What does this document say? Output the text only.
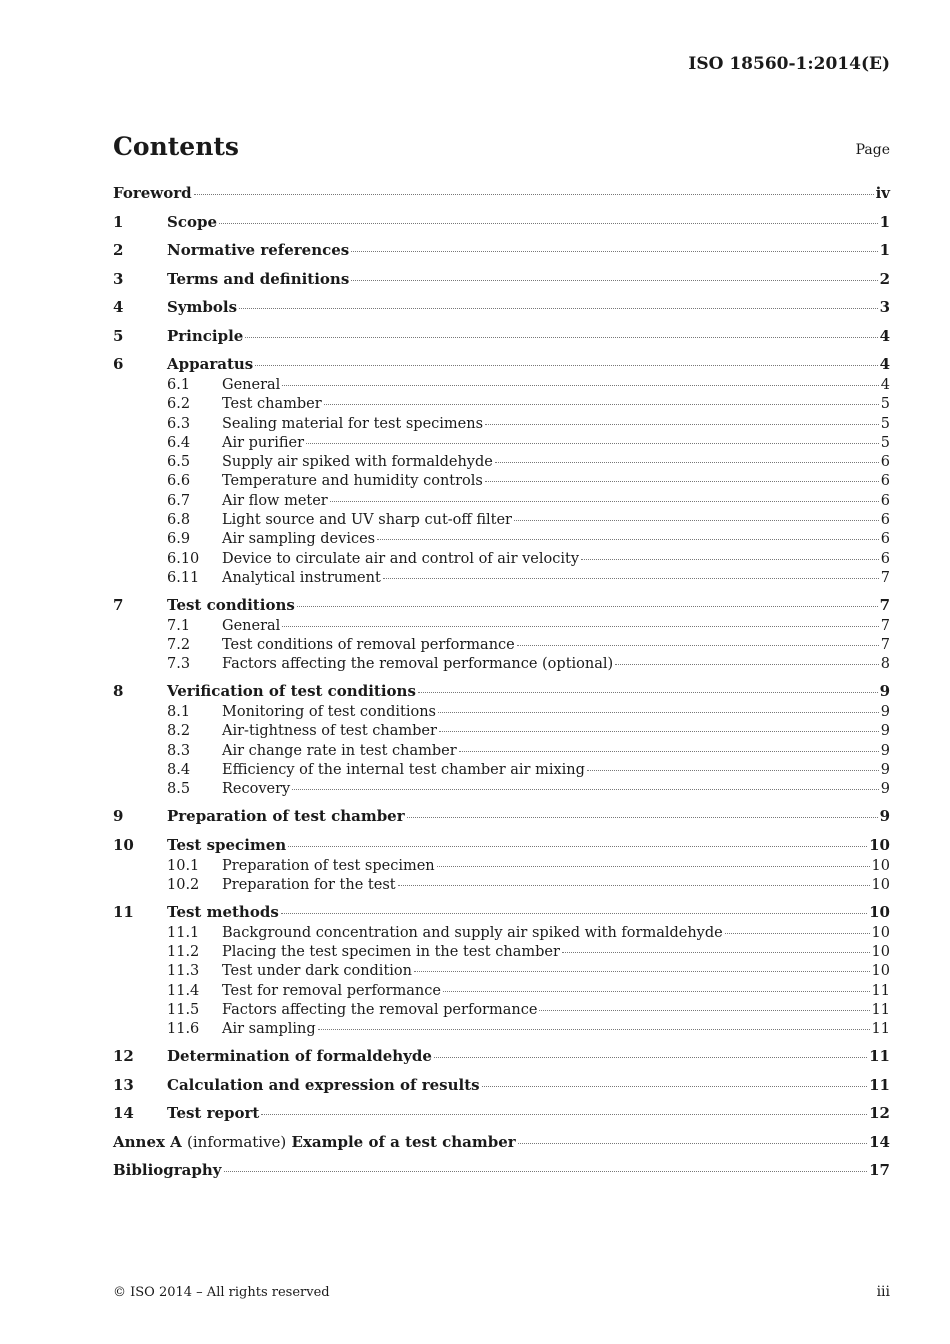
ISO 18560-1:2014(E)
Contents	Page
Foreword	iv
1	Scope	1
2	Normative references	1
3	Terms and definitions	2
4	Symbols	3
5	Principle	4
6	Apparatus	4
6.1	General	4
6.2	Test chamber	5
6.3	Sealing material for test specimens	5
6.4	Air purifier	5
6.5	Supply air spiked with formaldehyde	6
6.6	Temperature and humidity controls	6
6.7	Air flow meter	6
6.8	Light source and UV sharp cut-off filter	6
6.9	Air sampling devices	6
6.10	Device to circulate air and control of air velocity	6
6.11	Analytical instrument	7
7	Test conditions	7
7.1	General	7
7.2	Test conditions of removal performance	7
7.3	Factors affecting the removal performance (optional)	8
8	Verification of test conditions	9
8.1	Monitoring of test conditions	9
8.2	Air-tightness of test chamber	9
8.3	Air change rate in test chamber	9
8.4	Efficiency of the internal test chamber air mixing	9
8.5	Recovery	9
9	Preparation of test chamber	9
10	Test specimen	10
10.1	Preparation of test specimen	10
10.2	Preparation for the test	10
11	Test methods	10
11.1	Background concentration and supply air spiked with formaldehyde	10
11.2	Placing the test specimen in the test chamber	10
11.3	Test under dark condition	10
11.4	Test for removal performance	11
11.5	Factors affecting the removal performance	11
11.6	Air sampling	11
12	Determination of formaldehyde	11
13	Calculation and expression of results	11
14	Test report	12
Annex A (informative) Example of a test chamber	14
Bibliography	17
© ISO 2014 – All rights reserved	iii
